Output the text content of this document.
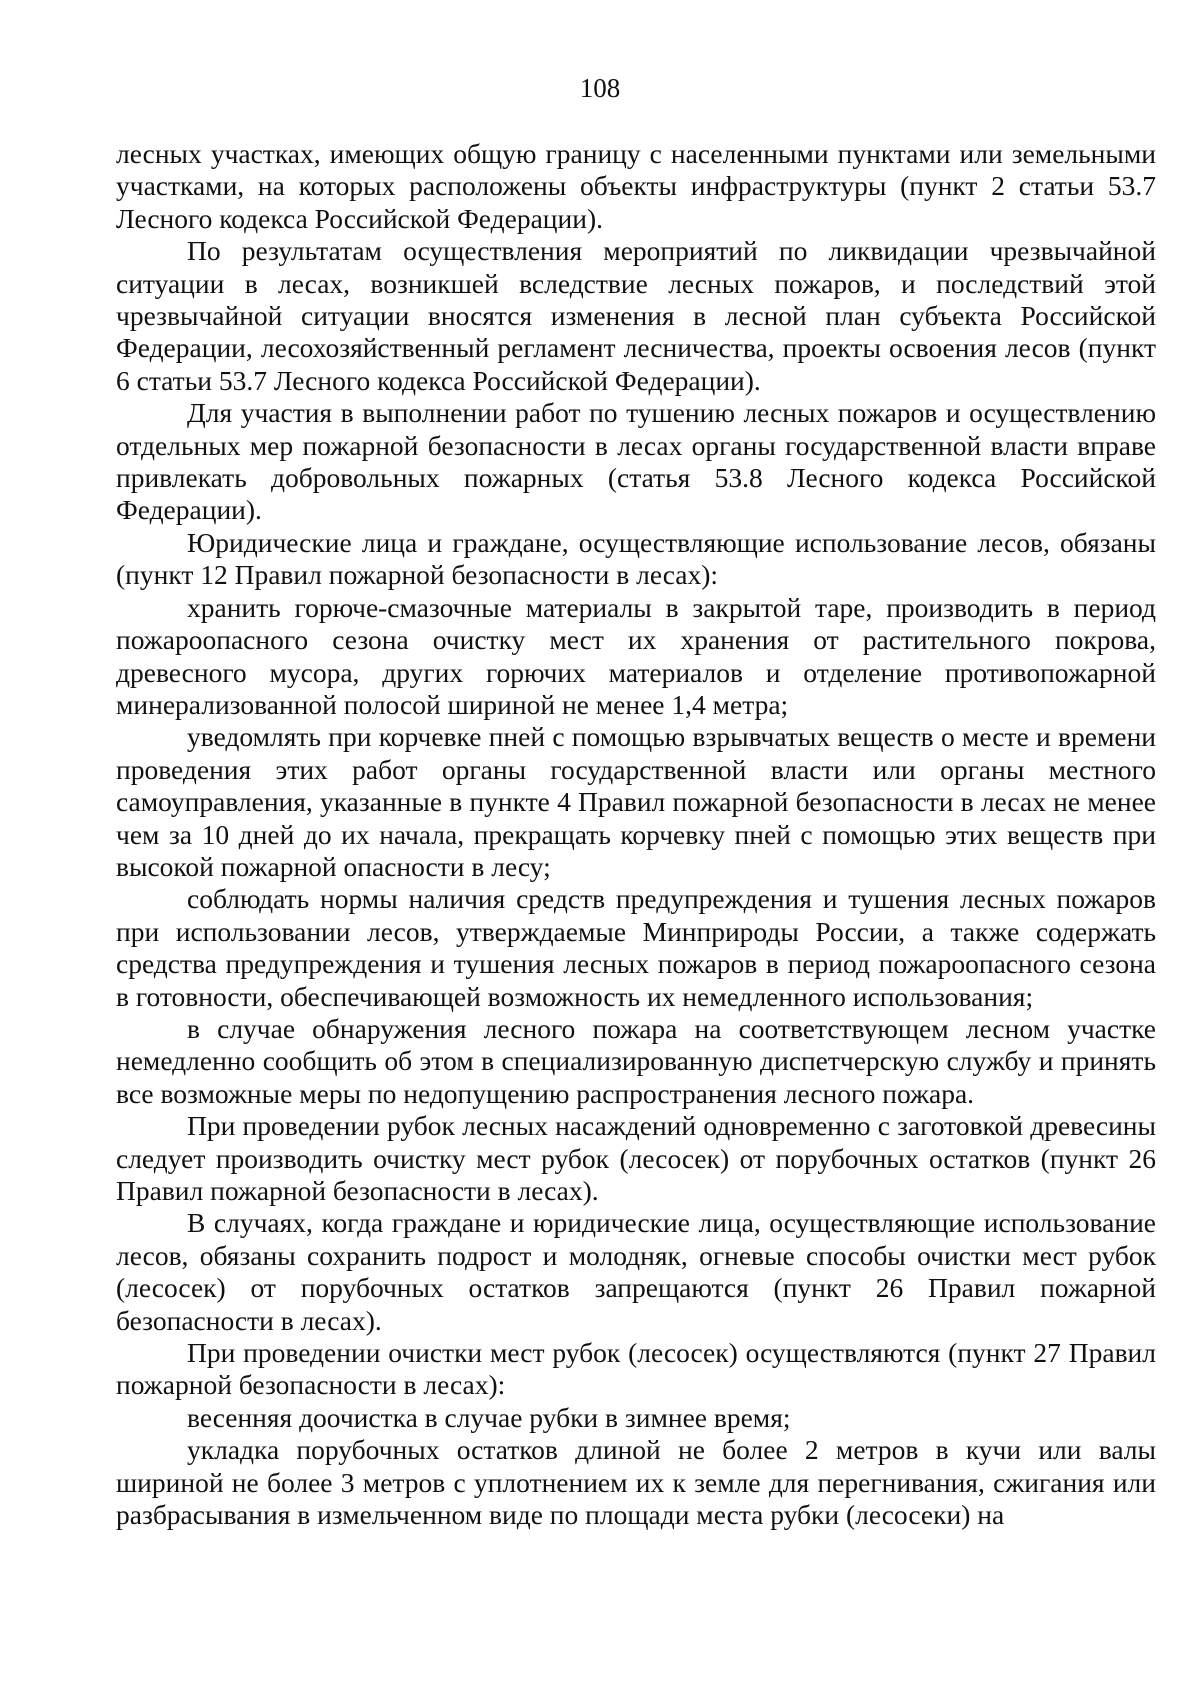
108

лесных участках, имеющих общую границу с населенными пунктами или земельными участками, на которых расположены объекты инфраструктуры (пункт 2 статьи 53.7 Лесного кодекса Российской Федерации).

По результатам осуществления мероприятий по ликвидации чрезвычайной ситуации в лесах, возникшей вследствие лесных пожаров, и последствий этой чрезвычайной ситуации вносятся изменения в лесной план субъекта Российской Федерации, лесохозяйственный регламент лесничества, проекты освоения лесов (пункт 6 статьи 53.7 Лесного кодекса Российской Федерации).

Для участия в выполнении работ по тушению лесных пожаров и осуществлению отдельных мер пожарной безопасности в лесах органы государственной власти вправе привлекать добровольных пожарных (статья 53.8 Лесного кодекса Российской Федерации).

Юридические лица и граждане, осуществляющие использование лесов, обязаны (пункт 12 Правил пожарной безопасности в лесах):

хранить горюче-смазочные материалы в закрытой таре, производить в период пожароопасного сезона очистку мест их хранения от растительного покрова, древесного мусора, других горючих материалов и отделение противопожарной минерализованной полосой шириной не менее 1,4 метра;

уведомлять при корчевке пней с помощью взрывчатых веществ о месте и времени проведения этих работ органы государственной власти или органы местного самоуправления, указанные в пункте 4 Правил пожарной безопасности в лесах не менее чем за 10 дней до их начала, прекращать корчевку пней с помощью этих веществ при высокой пожарной опасности в лесу;

соблюдать нормы наличия средств предупреждения и тушения лесных пожаров при использовании лесов, утверждаемые Минприроды России, а также содержать средства предупреждения и тушения лесных пожаров в период пожароопасного сезона в готовности, обеспечивающей возможность их немедленного использования;

в случае обнаружения лесного пожара на соответствующем лесном участке немедленно сообщить об этом в специализированную диспетчерскую службу и принять все возможные меры по недопущению распространения лесного пожара.

При проведении рубок лесных насаждений одновременно с заготовкой древесины следует производить очистку мест рубок (лесосек) от порубочных остатков (пункт 26 Правил пожарной безопасности в лесах).

В случаях, когда граждане и юридические лица, осуществляющие использование лесов, обязаны сохранить подрост и молодняк, огневые способы очистки мест рубок (лесосек) от порубочных остатков запрещаются (пункт 26 Правил пожарной безопасности в лесах).

При проведении очистки мест рубок (лесосек) осуществляются (пункт 27 Правил пожарной безопасности в лесах):

весенняя доочистка в случае рубки в зимнее время;

укладка порубочных остатков длиной не более 2 метров в кучи или валы шириной не более 3 метров с уплотнением их к земле для перегнивания, сжигания или разбрасывания в измельченном виде по площади места рубки (лесосеки) на
